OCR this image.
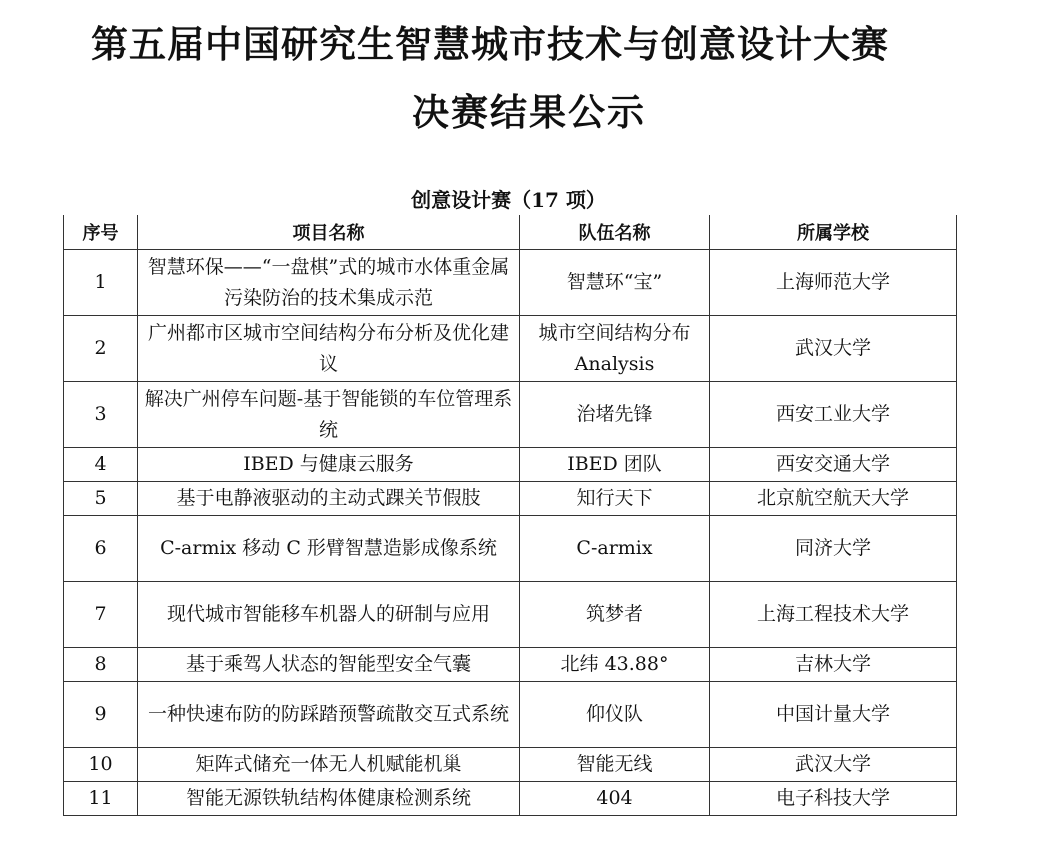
第五届中国研究生智慧城市技术与创意设计大赛
决赛结果公示
创意设计赛（17 项）
序号	项目名称	队伍名称	所属学校
1	智慧环保——“一盘棋”式的城市水体重金属污染防治的技术集成示范	智慧环“宝”	上海师范大学
2	广州都市区城市空间结构分布分析及优化建议	城市空间结构分布 Analysis	武汉大学
3	解决广州停车问题-基于智能锁的车位管理系统	治堵先锋	西安工业大学
4	IBED 与健康云服务	IBED 团队	西安交通大学
5	基于电静液驱动的主动式踝关节假肢	知行天下	北京航空航天大学
6	C-armix 移动 C 形臂智慧造影成像系统	C-armix	同济大学
7	现代城市智能移车机器人的研制与应用	筑梦者	上海工程技术大学
8	基于乘驾人状态的智能型安全气囊	北纬 43.88°	吉林大学
9	一种快速布防的防踩踏预警疏散交互式系统	仰仪队	中国计量大学
10	矩阵式储充一体无人机赋能机巢	智能无线	武汉大学
11	智能无源铁轨结构体健康检测系统	404	电子科技大学
